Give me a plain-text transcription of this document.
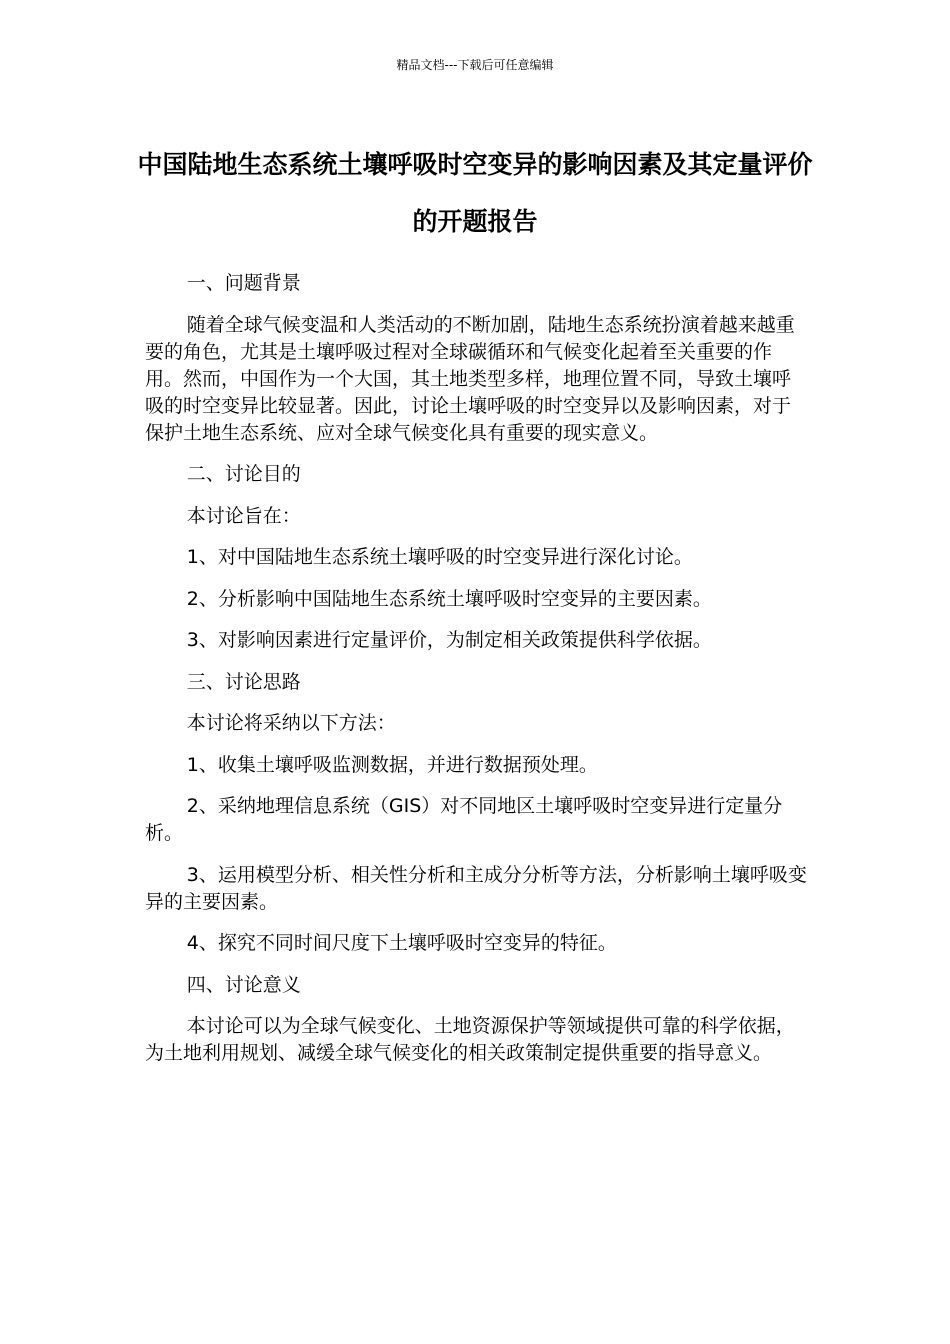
精品文档---下载后可任意编辑
中国陆地生态系统土壤呼吸时空变异的影响因素及其定量评价的开题报告

一、问题背景

随着全球气候变温和人类活动的不断加剧，陆地生态系统扮演着越来越重要的角色，尤其是土壤呼吸过程对全球碳循环和气候变化起着至关重要的作用。然而，中国作为一个大国，其土地类型多样，地理位置不同，导致土壤呼吸的时空变异比较显著。因此，讨论土壤呼吸的时空变异以及影响因素，对于保护土地生态系统、应对全球气候变化具有重要的现实意义。

二、讨论目的

本讨论旨在：

1、对中国陆地生态系统土壤呼吸的时空变异进行深化讨论。

2、分析影响中国陆地生态系统土壤呼吸时空变异的主要因素。

3、对影响因素进行定量评价，为制定相关政策提供科学依据。

三、讨论思路

本讨论将采纳以下方法：

1、收集土壤呼吸监测数据，并进行数据预处理。

2、采纳地理信息系统（GIS）对不同地区土壤呼吸时空变异进行定量分析。

3、运用模型分析、相关性分析和主成分分析等方法，分析影响土壤呼吸变异的主要因素。

4、探究不同时间尺度下土壤呼吸时空变异的特征。

四、讨论意义

本讨论可以为全球气候变化、土地资源保护等领域提供可靠的科学依据，为土地利用规划、减缓全球气候变化的相关政策制定提供重要的指导意义。
